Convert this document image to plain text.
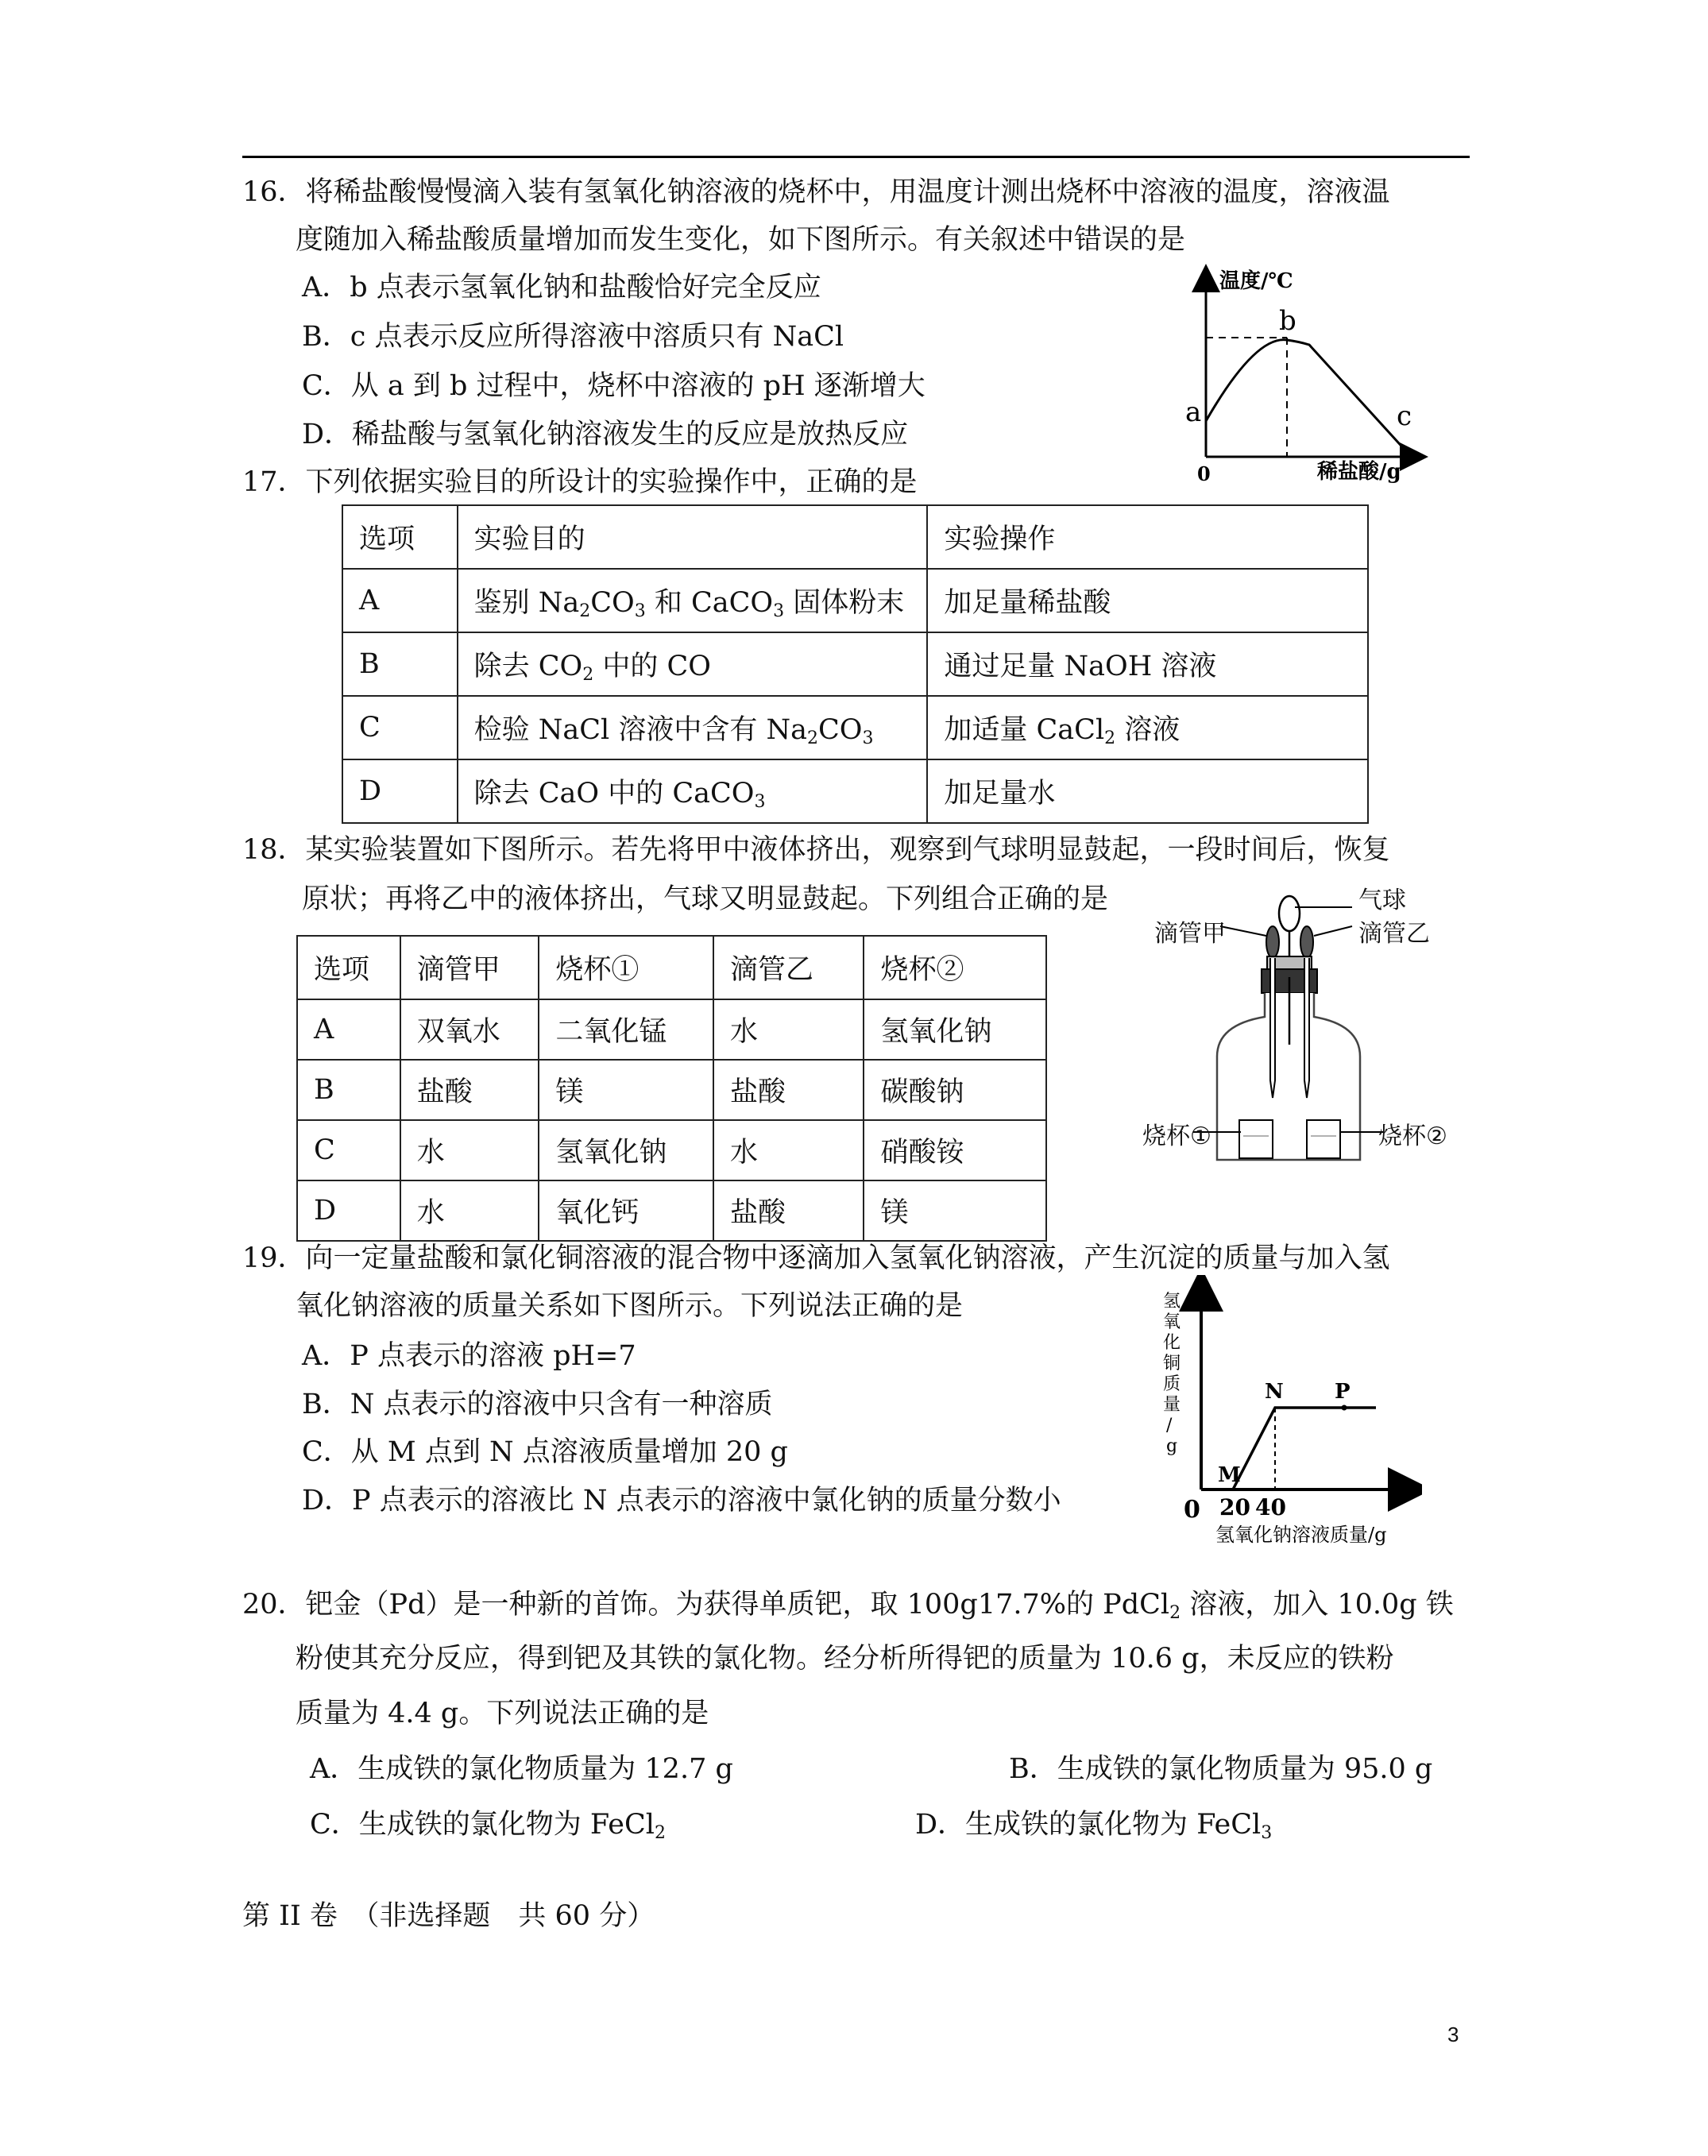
16．将稀盐酸慢慢滴入装有氢氧化钠溶液的烧杯中，用温度计测出烧杯中溶液的温度，溶液温
度随加入稀盐酸质量增加而发生变化，如下图所示。有关叙述中错误的是
A．b 点表示氢氧化钠和盐酸恰好完全反应
B．c 点表示反应所得溶液中溶质只有 NaCl
C．从 a 到 b 过程中，烧杯中溶液的 pH 逐渐增大
D．稀盐酸与氢氧化钠溶液发生的反应是放热反应
温度/℃
稀盐酸/g
0
a
b
c
17．下列依据实验目的所设计的实验操作中，正确的是
选项	实验目的	实验操作
A	鉴别 $Na_2CO_3$ 和 CaCO$_3$ 固体粉末	加足量稀盐酸
B	除去 $CO_2$ 中的 CO	通过足量 NaOH 溶液
C	检验 NaCl 溶液中含有 $Na_2CO_3$	加适量 CaCl$_2$ 溶液
D	除去 CaO 中的 CaCO$_3$	加足量水
18．某实验装置如下图所示。若先将甲中液体挤出，观察到气球明显鼓起，一段时间后，恢复
原状；再将乙中的液体挤出，气球又明显鼓起。下列组合正确的是
选项	滴管甲	烧杯①	滴管乙	烧杯②
A	双氧水	二氧化锰	水	氢氧化钠
B	盐酸	镁	盐酸	碳酸钠
C	水	氢氧化钠	水	硝酸铵
D	水	氧化钙	盐酸	镁
气球
滴管甲	滴管乙
烧杯①	烧杯②
19．向一定量盐酸和氯化铜溶液的混合物中逐滴加入氢氧化钠溶液，产生沉淀的质量与加入氢
氧化钠溶液的质量关系如下图所示。下列说法正确的是
A．P 点表示的溶液 pH=7
B．N 点表示的溶液中只含有一种溶质
C．从 M 点到 N 点溶液质量增加 20 g
D．P 点表示的溶液比 N 点表示的溶液中氯化钠的质量分数小	0 20 40
M
N P
氢氧化钠溶液质量/g
氢
氧
化
铜
质
量
/
g
20．钯金（Pd）是一种新的首饰。为获得单质钯，取 100g17.7%的 PdCl$_2$ 溶液，加入 10.0g 铁
粉使其充分反应，得到钯及其铁的氯化物。经分析所得钯的质量为 10.6 g，未反应的铁粉
质量为 4.4 g。下列说法正确的是
A．生成铁的氯化物质量为 12.7 g	B．生成铁的氯化物质量为 95.0 g
C．生成铁的氯化物为 FeCl$_2$	D．生成铁的氯化物为 FeCl$_3$
第 II 卷　（非选择题　共 60 分）
3
